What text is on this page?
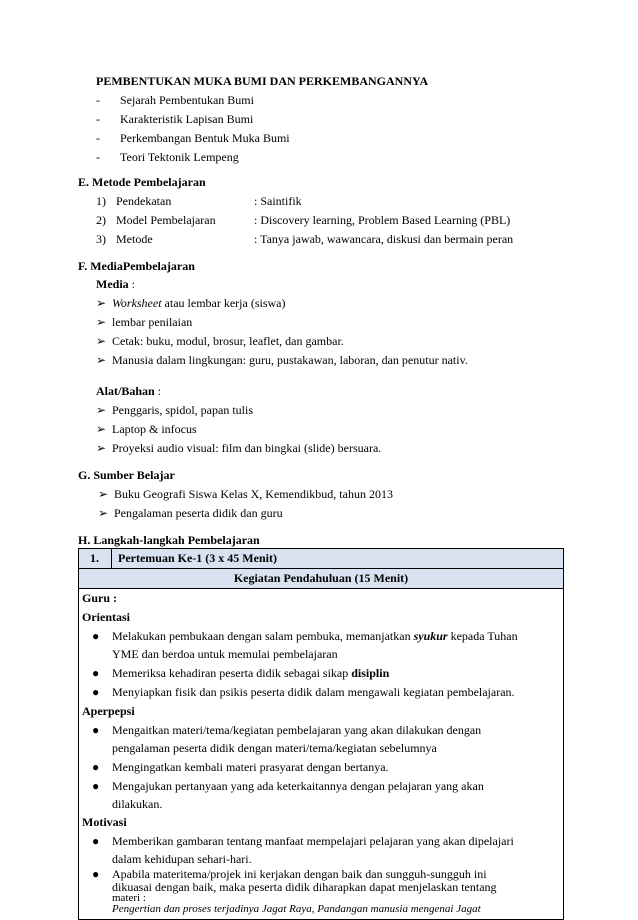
PEMBENTUKAN MUKA BUMI DAN PERKEMBANGANNYA
- Sejarah Pembentukan Bumi
- Karakteristik Lapisan Bumi
- Perkembangan Bentuk Muka Bumi
- Teori Tektonik Lempeng
E. Metode Pembelajaran
1) Pendekatan	: Saintifik
2) Model Pembelajaran	: Discovery learning, Problem Based Learning (PBL)
3) Metode	: Tanya jawab, wawancara, diskusi dan bermain peran
F. MediaPembelajaran
Media :
➢ Worksheet atau lembar kerja (siswa)
➢ lembar penilaian
➢ Cetak: buku, modul, brosur, leaflet, dan gambar.
➢ Manusia dalam lingkungan: guru, pustakawan, laboran, dan penutur nativ.
Alat/Bahan :
➢ Penggaris, spidol, papan tulis
➢ Laptop & infocus
➢ Proyeksi audio visual: film dan bingkai (slide) bersuara.
G. Sumber Belajar
➢ Buku Geografi Siswa Kelas X, Kemendikbud, tahun 2013
➢ Pengalaman peserta didik dan guru
H. Langkah-langkah Pembelajaran
1. Pertemuan Ke-1 (3 x 45 Menit)
Kegiatan Pendahuluan (15 Menit)
Guru :
Orientasi
● Melakukan pembukaan dengan salam pembuka, memanjatkan syukur kepada Tuhan
YME dan berdoa untuk memulai pembelajaran
● Memeriksa kehadiran peserta didik sebagai sikap disiplin
● Menyiapkan fisik dan psikis peserta didik dalam mengawali kegiatan pembelajaran.
Aperpepsi
● Mengaitkan materi/tema/kegiatan pembelajaran yang akan dilakukan dengan
pengalaman peserta didik dengan materi/tema/kegiatan sebelumnya
● Mengingatkan kembali materi prasyarat dengan bertanya.
● Mengajukan pertanyaan yang ada keterkaitannya dengan pelajaran yang akan
dilakukan.
Motivasi
● Memberikan gambaran tentang manfaat mempelajari pelajaran yang akan dipelajari
dalam kehidupan sehari-hari.
● Apabila materitema/projek ini kerjakan dengan baik dan sungguh-sungguh ini
dikuasai dengan baik, maka peserta didik diharapkan dapat menjelaskan tentang
materi :
Pengertian dan proses terjadinya Jagat Raya, Pandangan manusia mengenai Jagat
